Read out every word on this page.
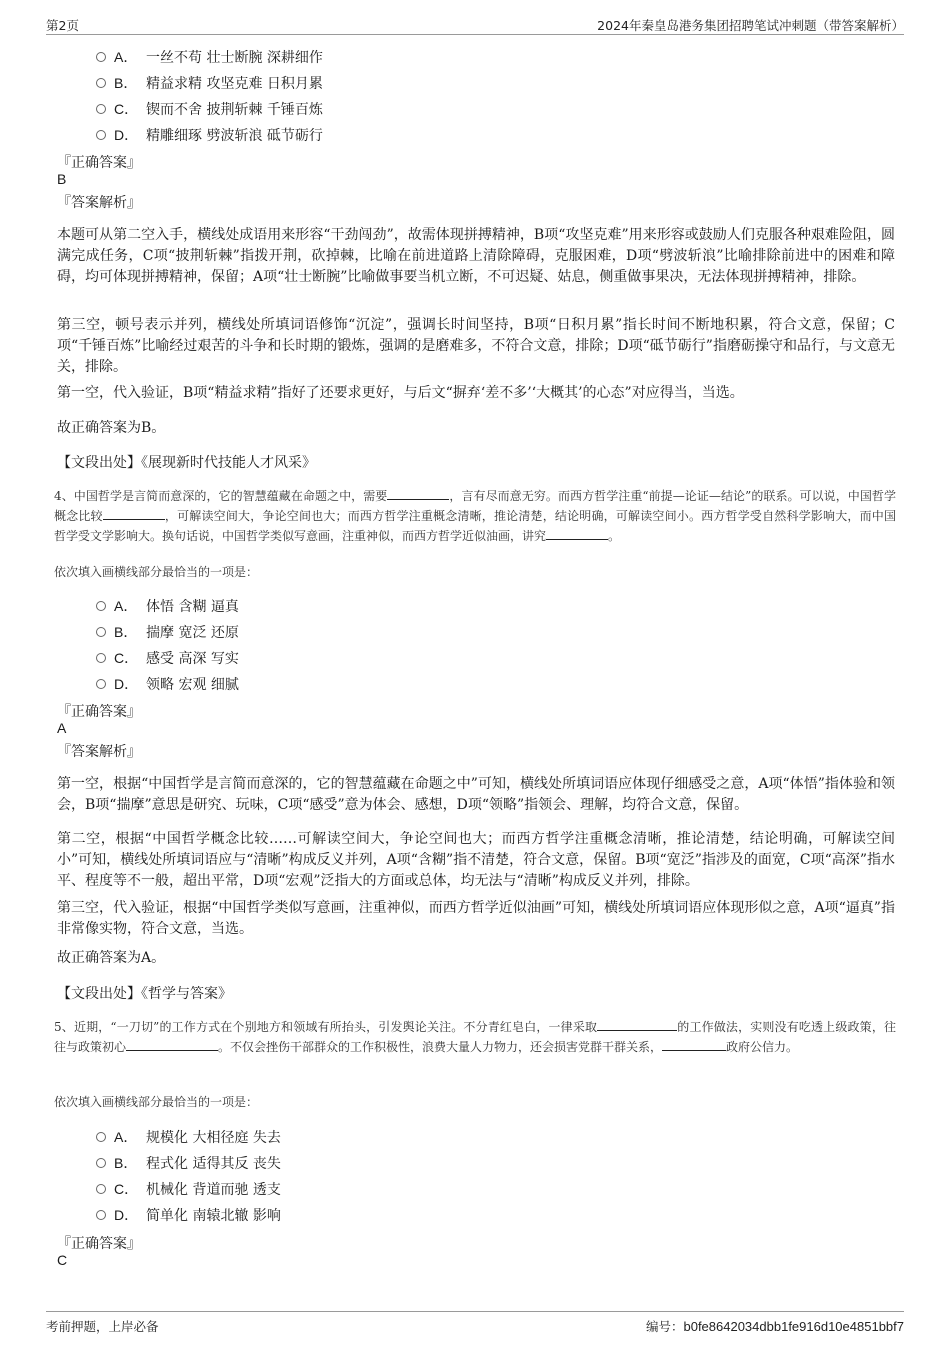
第2页	2024年秦皇岛港务集团招聘笔试冲刺题（带答案解析）
A． 一丝不苟 壮士断腕 深耕细作
B． 精益求精 攻坚克难 日积月累
C． 锲而不舍 披荆斩棘 千锤百炼
D． 精雕细琢 劈波斩浪 砥节砺行
『正确答案』
B
『答案解析』
本题可从第二空入手，横线处成语用来形容“干劲闯劲”，故需体现拼搏精神，B项“攻坚克难”用来形容或鼓励人们克服各种艰难险阻，圆满完成任务，C项“披荆斩棘”指拨开荆，砍掉棘，比喻在前进道路上清除障碍，克服困难，D项“劈波斩浪”比喻排除前进中的困难和障碍，均可体现拼搏精神，保留；A项“壮士断腕”比喻做事要当机立断，不可迟疑、姑息，侧重做事果决，无法体现拼搏精神，排除。
第三空，顿号表示并列，横线处所填词语修饰“沉淀”，强调长时间坚持，B项“日积月累”指长时间不断地积累，符合文意，保留；C项“千锤百炼”比喻经过艰苦的斗争和长时期的锻炼，强调的是磨难多，不符合文意，排除；D项“砥节砺行”指磨砺操守和品行，与文意无关，排除。
第一空，代入验证，B项“精益求精”指好了还要求更好，与后文“摒弃‘差不多’‘大概其’的心态”对应得当，当选。
故正确答案为B。
【文段出处】《展现新时代技能人才风采》
4、中国哲学是言简而意深的，它的智慧蕴藏在命题之中，需要	，言有尽而意无穷。而西方哲学注重“前提—论证—结论”的联系。可以说，中国哲学概念比较	，可解读空间大，争论空间也大；而西方哲学注重概念清晰，推论清楚，结论明确，可解读空间小。西方哲学受自然科学影响大，而中国哲学受文学影响大。换句话说，中国哲学类似写意画，注重神似，而西方哲学近似油画，讲究	。
依次填入画横线部分最恰当的一项是：
A． 体悟 含糊 逼真
B． 揣摩 宽泛 还原
C． 感受 高深 写实
D． 领略 宏观 细腻
『正确答案』
A
『答案解析』
第一空，根据“中国哲学是言简而意深的，它的智慧蕴藏在命题之中”可知，横线处所填词语应体现仔细感受之意，A项“体悟”指体验和领会，B项“揣摩”意思是研究、玩味，C项“感受”意为体会、感想，D项“领略”指领会、理解，均符合文意，保留。
第二空，根据“中国哲学概念比较……可解读空间大，争论空间也大；而西方哲学注重概念清晰，推论清楚，结论明确，可解读空间小”可知，横线处所填词语应与“清晰”构成反义并列，A项“含糊”指不清楚，符合文意，保留。B项“宽泛”指涉及的面宽，C项“高深”指水平、程度等不一般，超出平常，D项“宏观”泛指大的方面或总体，均无法与“清晰”构成反义并列，排除。
第三空，代入验证，根据“中国哲学类似写意画，注重神似，而西方哲学近似油画”可知，横线处所填词语应体现形似之意，A项“逼真”指非常像实物，符合文意，当选。
故正确答案为A。
【文段出处】《哲学与答案》
5、近期，“一刀切”的工作方式在个别地方和领域有所抬头，引发舆论关注。不分青红皂白，一律采取	的工作做法，实则没有吃透上级政策，往往与政策初心	。不仅会挫伤干部群众的工作积极性，浪费大量人力物力，还会损害党群干群关系，	政府公信力。
依次填入画横线部分最恰当的一项是：
A． 规模化 大相径庭 失去
B． 程式化 适得其反 丧失
C． 机械化 背道而驰 透支
D． 简单化 南辕北辙 影响
『正确答案』
C
考前押题，上岸必备	编号：b0fe8642034dbb1fe916d10e4851bbf7
